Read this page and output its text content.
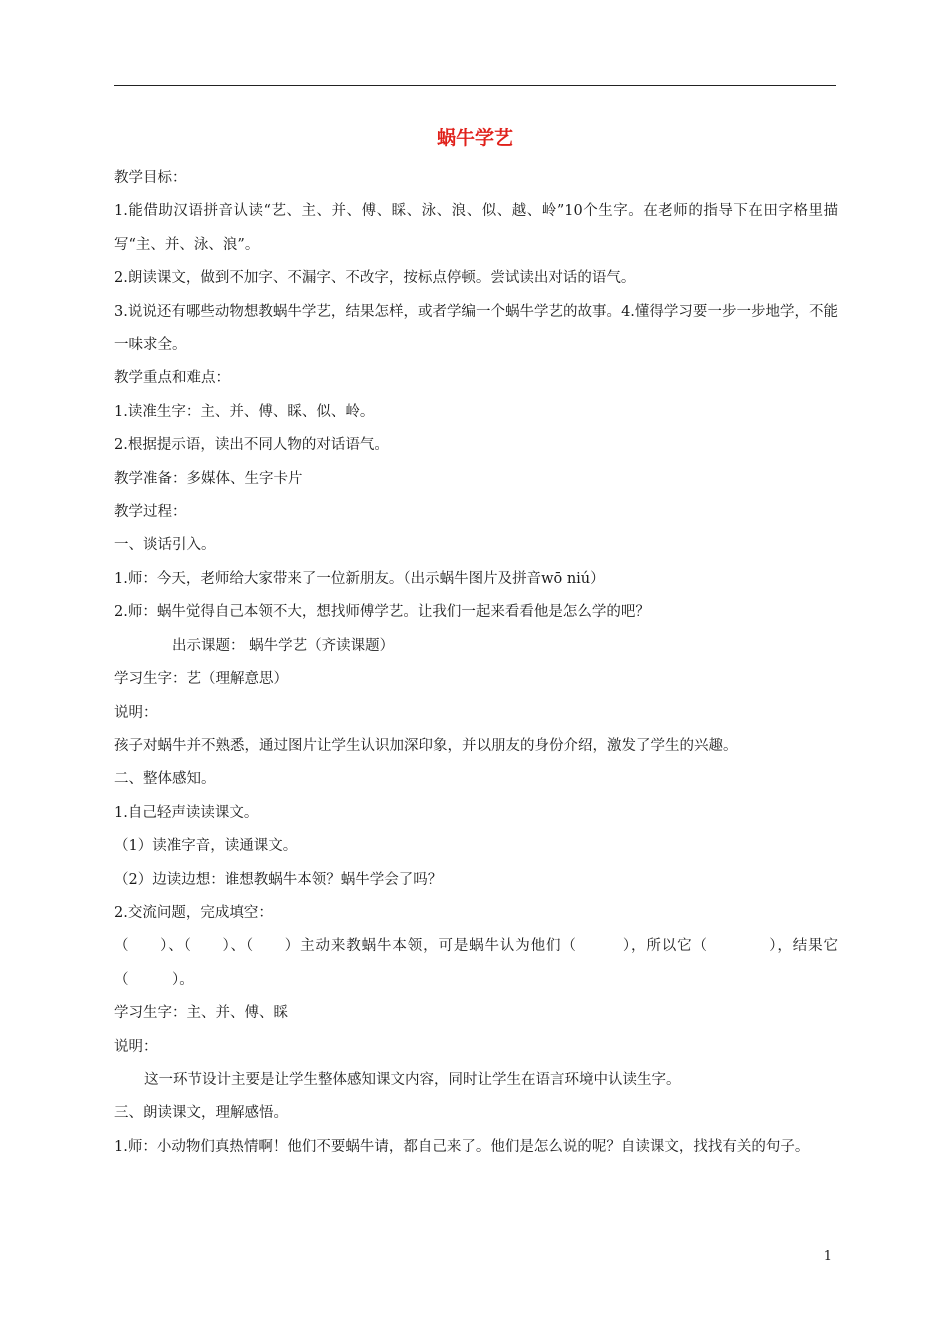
蜗牛学艺

教学目标：

1.能借助汉语拼音认读“艺、主、并、傅、睬、泳、浪、似、越、岭”10个生字。在老师的指导下在田字格里描写“主、并、泳、浪”。

2.朗读课文，做到不加字、不漏字、不改字，按标点停顿。尝试读出对话的语气。

3.说说还有哪些动物想教蜗牛学艺，结果怎样，或者学编一个蜗牛学艺的故事。4.懂得学习要一步一步地学，不能一味求全。

教学重点和难点：

1.读准生字：主、并、傅、睬、似、岭。

2.根据提示语，读出不同人物的对话语气。

教学准备：多媒体、生字卡片

教学过程：

一、谈话引入。

1.师：今天，老师给大家带来了一位新朋友。（出示蜗牛图片及拼音wō niú）

2.师：蜗牛觉得自己本领不大，想找师傅学艺。让我们一起来看看他是怎么学的吧？

出示课题： 蜗牛学艺（齐读课题）

学习生字：艺（理解意思）

说明：

孩子对蜗牛并不熟悉，通过图片让学生认识加深印象，并以朋友的身份介绍，激发了学生的兴趣。

二、整体感知。

1.自己轻声读读课文。

（1）读准字音，读通课文。

（2）边读边想：谁想教蜗牛本领？蜗牛学会了吗？

2.交流问题，完成填空：

（　　）、（　　）、（　　）主动来教蜗牛本领，可是蜗牛认为他们（　　　），所以它（　　　　），结果它（　　　）。

学习生字：主、并、傅、睬

说明：

这一环节设计主要是让学生整体感知课文内容，同时让学生在语言环境中认读生字。

三、朗读课文，理解感悟。

1.师：小动物们真热情啊！他们不要蜗牛请，都自己来了。他们是怎么说的呢？自读课文，找找有关的句子。

1
